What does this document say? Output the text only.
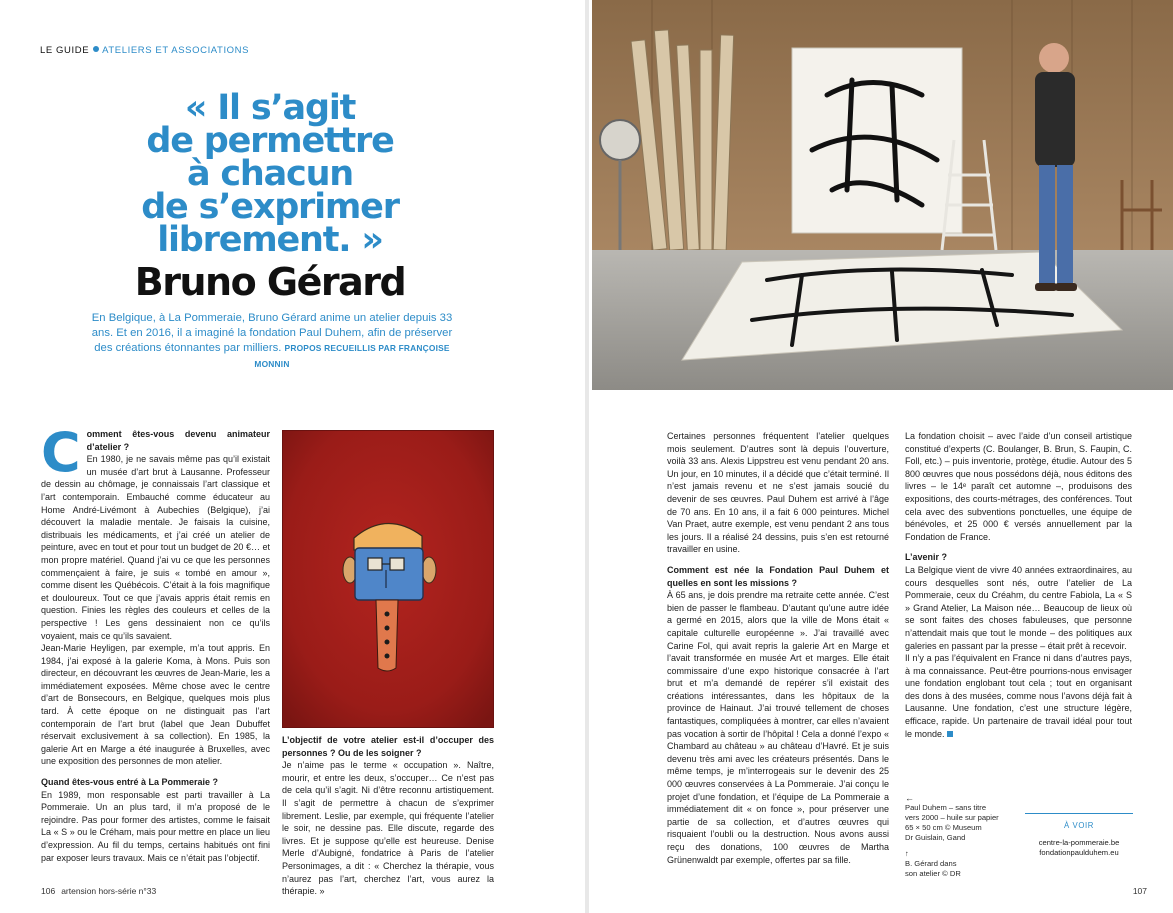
LE GUIDE ATELIERS ET ASSOCIATIONS
« Il s’agit
de permettre
à chacun
de s’exprimer
librement. »
Bruno Gérard
En Belgique, à La Pommeraie, Bruno Gérard anime un atelier depuis 33 ans. Et en 2016, il a imaginé la fondation Paul Duhem, afin de préserver des créations étonnantes par milliers. PROPOS RECUEILLIS PAR FRANÇOISE MONNIN
C omment êtes-vous devenu animateur d’atelier ?

En 1980, je ne savais même pas qu’il existait un musée d’art brut à Lausanne. Professeur de dessin au chômage, je connaissais l’art classique et l’art contemporain. Embauché comme éducateur au Home André-Livémont à Aubechies (Belgique), j’ai découvert la maladie mentale. Je faisais la cuisine, distribuais les médicaments, et j’ai créé un atelier de peinture, avec en tout et pour tout un budget de 20 €… et mon propre matériel. Quand j’ai vu ce que les personnes commençaient à faire, je suis « tombé en amour », comme disent les Québécois. C’était à la fois magnifique et douloureux. Tout ce que j’avais appris était remis en question. Finies les règles des couleurs et celles de la perspective ! Les gens dessinaient non ce qu’ils voyaient, mais ce qu’ils savaient.

Jean-Marie Heyligen, par exemple, m’a tout appris. En 1984, j’ai exposé à la galerie Koma, à Mons. Puis son directeur, en découvrant les œuvres de Jean-Marie, les a immédiatement exposées. Même chose avec le centre d’art de Bonsecours, en Belgique, quelques mois plus tard. À cette époque on ne distinguait pas l’art contemporain de l’art brut (label que Jean Dubuffet réservait exclusivement à sa collection). En 1985, la galerie Art en Marge a été inaugurée à Bruxelles, avec une exposition des personnes de mon atelier.

Quand êtes-vous entré à La Pommeraie ?

En 1989, mon responsable est parti travailler à La Pommeraie. Un an plus tard, il m’a proposé de le rejoindre. Pas pour former des artistes, comme le faisait La « S » ou le Créham, mais pour mettre en place un lieu d’expression. Au fil du temps, certains habitués ont fini par exposer leurs travaux. Mais ce n’était pas l’objectif.

L’objectif de votre atelier est-il d’occuper des personnes ? Ou de les soigner ?

Je n’aime pas le terme « occupation ». Naître, mourir, et entre les deux, s’occuper… Ce n’est pas de cela qu’il s’agit. Ni d’être reconnu artistiquement. Il s’agit de permettre à chacun de s’exprimer librement. Leslie, par exemple, qui fréquente l’atelier le soir, ne dessine pas. Elle discute, regarde des livres. Et je suppose qu’elle est heureuse. Denise Merle d’Aubigné, fondatrice à Paris de l’atelier Personimages, a dit : « Cherchez la thérapie, vous n’aurez pas l’art, cherchez l’art, vous aurez la thérapie. »

106 artension hors-série n°33

Certaines personnes fréquentent l’atelier quelques mois seulement. D’autres sont là depuis l’ouverture, voilà 33 ans. Alexis Lippstreu est venu pendant 20 ans. Un jour, en 10 minutes, il a décidé que c’était terminé. Il n’est jamais revenu et ne s’est jamais soucié du devenir de ses œuvres. Paul Duhem est arrivé à l’âge de 70 ans. En 10 ans, il a fait 6 000 peintures. Michel Van Praet, autre exemple, est venu pendant 2 ans tous les jours. Il a réalisé 24 dessins, puis s’en est retourné travailler en usine.

Comment est née la Fondation Paul Duhem et quelles en sont les missions ?

À 65 ans, je dois prendre ma retraite cette année. C’est bien de passer le flambeau. D’autant qu’une autre idée a germé en 2015, alors que la ville de Mons était « capitale culturelle européenne ». J’ai travaillé avec Carine Fol, qui avait repris la galerie Art en Marge et l’avait transformée en musée Art et marges. Elle était commissaire d’une expo historique consacrée à l’art brut et m’a demandé de repérer s’il existait des créations intéressantes, dans les hôpitaux de la province de Hainaut. J’ai trouvé tellement de choses fantastiques, compliquées à montrer, car elles n’avaient pas vocation à sortir de l’hôpital ! Cela a donné l’expo « Chambard au château » au château d’Havré. Et je suis devenu très ami avec les créateurs présentés. Dans le même temps, je m’interrogeais sur le devenir des 25 000 œuvres conservées à La Pommeraie. J’ai conçu le projet d’une fondation, et l’équipe de La Pommeraie a immédiatement dit « on fonce », pour préserver une partie de sa collection, et d’autres œuvres qui risquaient l’oubli ou la destruction. Nous avons aussi reçu des donations, 100 œuvres de Martha Grünenwaldt par exemple, offertes par sa fille.

La fondation choisit – avec l’aide d’un conseil artistique constitué d’experts (C. Boulanger, B. Brun, S. Faupin, C. Foll, etc.) – puis inventorie, protège, étudie. Autour des 5 800 œuvres que nous possédons déjà, nous éditons des livres – le 14ᵉ paraît cet automne –, produisons des expositions, des courts-métrages, des conférences. Tout cela avec des subventions ponctuelles, une équipe de bénévoles, et 25 000 € versés annuellement par la Fondation de France.

L’avenir ?

La Belgique vient de vivre 40 années extraordinaires, au cours desquelles sont nés, outre l’atelier de La Pommeraie, ceux du Créahm, du centre Fabiola, La « S » Grand Atelier, La Maison née… Beaucoup de lieux où se sont faites des choses fabuleuses, que personne n’attendait mais que tout le monde – des politiques aux galeries en passant par la presse – était prêt à recevoir.

Il n’y a pas l’équivalent en France ni dans d’autres pays, à ma connaissance. Peut-être pourrions-nous envisager une fondation englobant tout cela ; tout en organisant des dons à des musées, comme nous l’avons déjà fait à Lausanne. Une fondation, c’est une structure légère, efficace, rapide. Un partenaire de travail idéal pour tout le monde.

←
Paul Duhem – sans titre
vers 2000 – huile sur papier
65 × 50 cm © Museum
Dr Guislain, Gand
↑
B. Gérard dans
son atelier © DR
À VOIR
centre-la-pommeraie.be
fondationpaulduhem.eu
107
